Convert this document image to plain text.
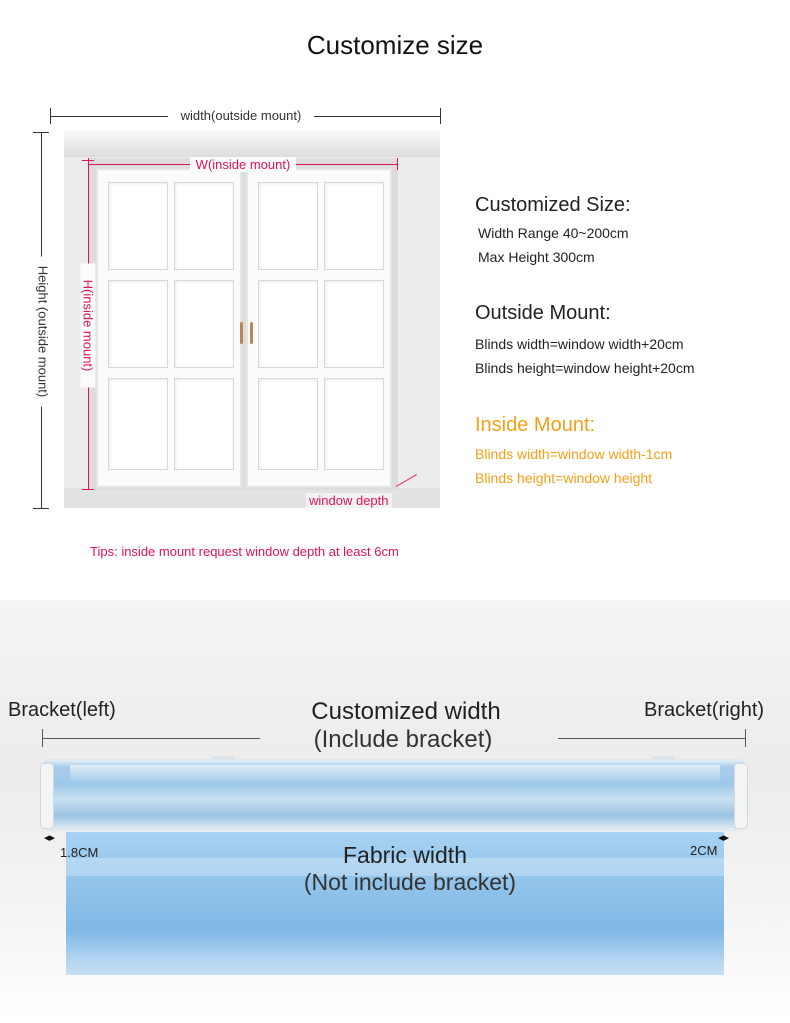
Customize size
width(outside mount)
Height (outside mount)
W(inside mount)
H(inside mount)
window depth
Tips: inside mount request window depth at least 6cm
Customized Size:
Width Range 40~200cm
Max Height 300cm
Outside Mount:
Blinds width=window width+20cm
Blinds height=window height+20cm
Inside Mount:
Blinds width=window width-1cm
Blinds height=window height
Bracket(left)	Bracket(right)
Customized width
(Include bracket)
◂▸	◂▸
1.8CM	2CM
Fabric width
(Not include bracket)
